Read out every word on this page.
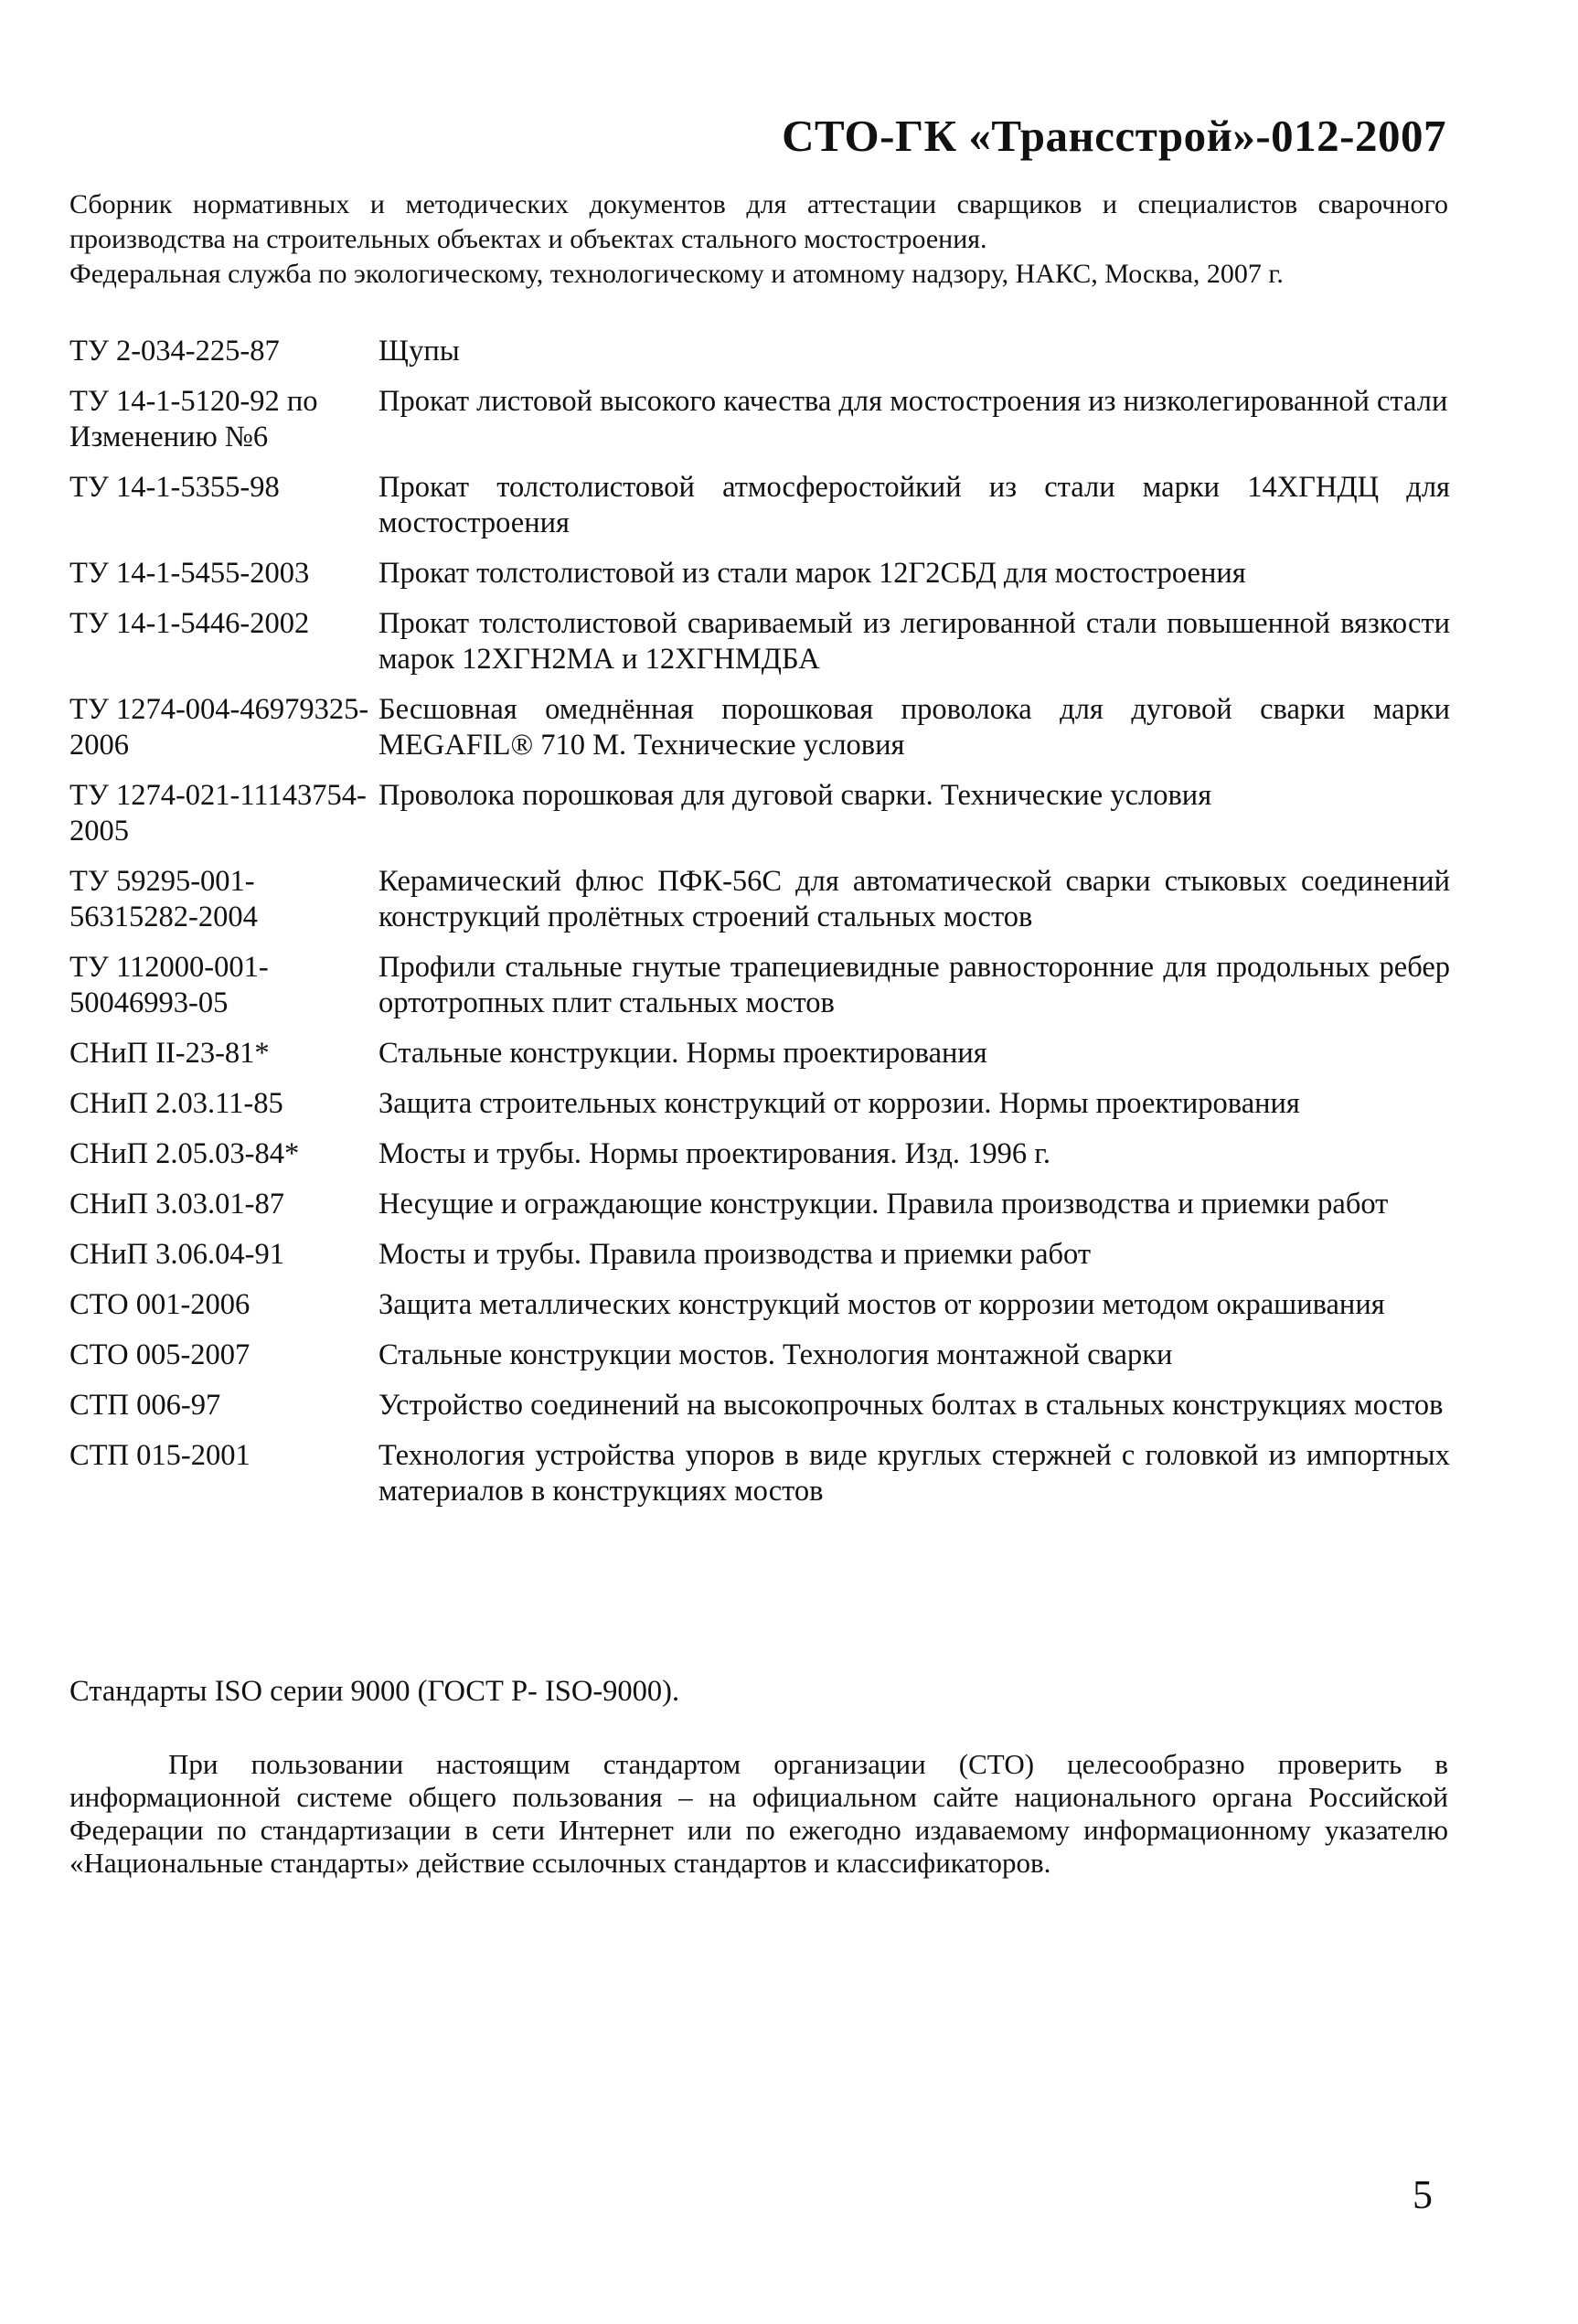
СТО-ГК «Трансстрой»-012-2007

Сборник нормативных и методических документов для аттестации сварщиков и специалистов сварочного производства на строительных объектах и объектах стального мостостроения.

Федеральная служба по экологическому, технологическому и атомному надзору, НАКС, Москва, 2007 г.

ТУ 2-034-225-87	Щупы
ТУ 14-1-5120-92 по Изменению №6	Прокат листовой высокого качества для мостостроения из низколегированной стали
ТУ 14-1-5355-98	Прокат толстолистовой атмосферостойкий из стали марки 14ХГНДЦ для мостостроения
ТУ 14-1-5455-2003	Прокат толстолистовой из стали марок 12Г2СБД для мостостроения
ТУ 14-1-5446-2002	Прокат толстолистовой свариваемый из легированной стали повышенной вязкости марок 12ХГН2МА и 12ХГНМДБА
ТУ 1274-004-46979325-2006	Бесшовная омеднённая порошковая проволока для дуговой сварки марки MEGAFIL® 710 М. Технические условия
ТУ 1274-021-11143754-2005	Проволока порошковая для дуговой сварки. Технические условия
ТУ 59295-001-56315282-2004	Керамический флюс ПФК-56С для автоматической сварки стыковых соединений конструкций пролётных строений стальных мостов
ТУ 112000-001-50046993-05	Профили стальные гнутые трапециевидные равносторонние для продольных ребер ортотропных плит стальных мостов
СНиП II-23-81*	Стальные конструкции. Нормы проектирования
СНиП 2.03.11-85	Защита строительных конструкций от коррозии. Нормы проектирования
СНиП 2.05.03-84*	Мосты и трубы. Нормы проектирования. Изд. 1996 г.
СНиП 3.03.01-87	Несущие и ограждающие конструкции. Правила производства и приемки работ
СНиП 3.06.04-91	Мосты и трубы. Правила производства и приемки работ
СТО 001-2006	Защита металлических конструкций мостов от коррозии методом окрашивания
СТО 005-2007	Стальные конструкции мостов. Технология монтажной сварки
СТП 006-97	Устройство соединений на высокопрочных болтах в стальных конструкциях мостов
СТП 015-2001	Технология устройства упоров в виде круглых стержней с головкой из импортных материалов в конструкциях мостов
Стандарты ISO серии 9000 (ГОСТ Р- ISO-9000).

При пользовании настоящим стандартом организации (СТО) целесообразно проверить в информационной системе общего пользования – на официальном сайте национального органа Российской Федерации по стандартизации в сети Интернет или по ежегодно издаваемому информационному указателю «Национальные стандарты» действие ссылочных стандартов и классификаторов.

5
